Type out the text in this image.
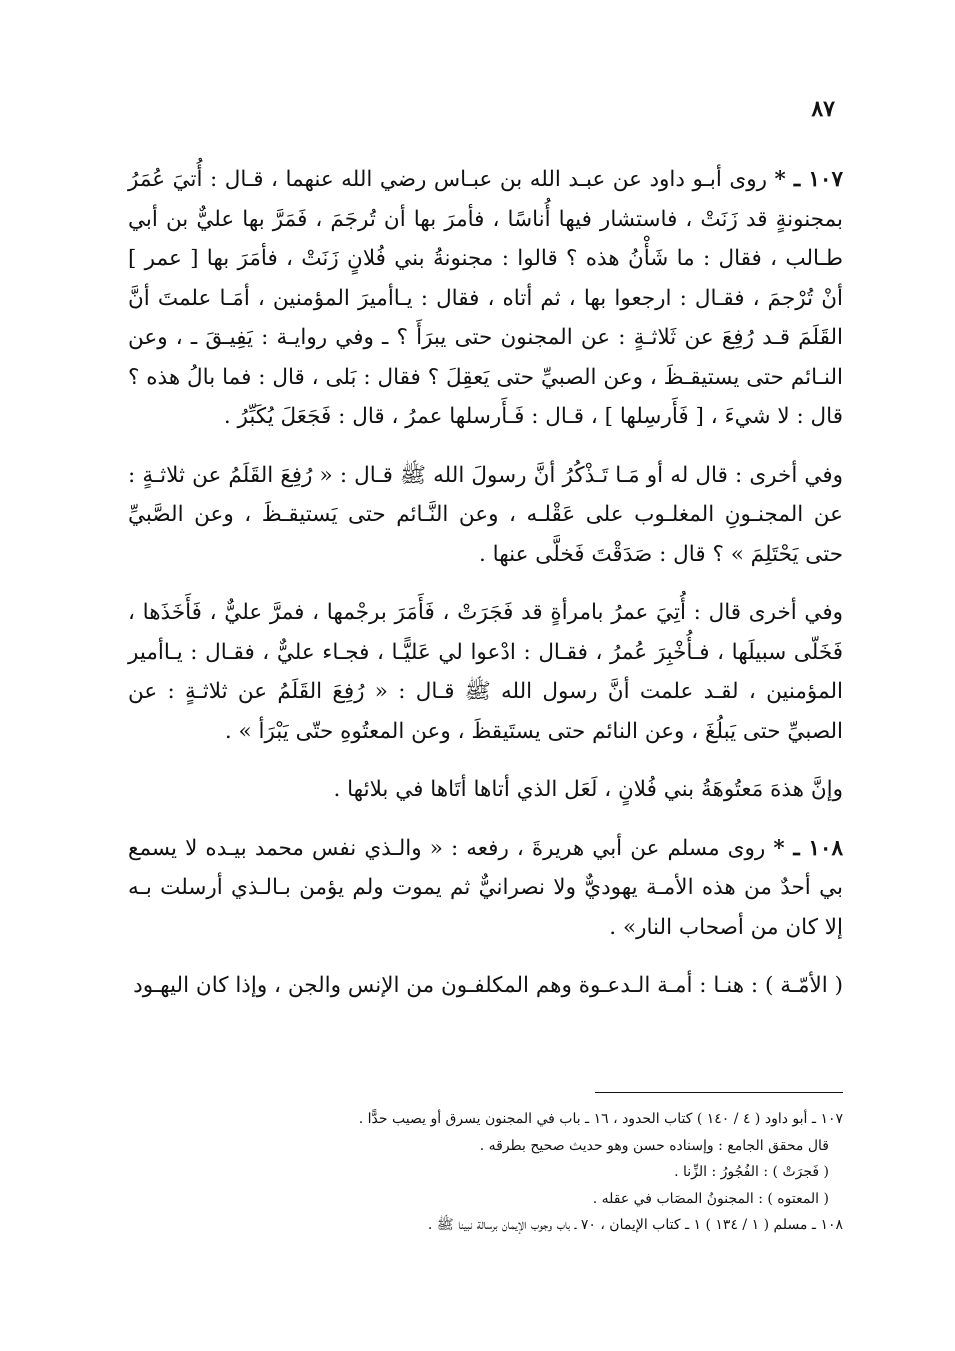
٨٧

١٠٧ ـ * روى أبـو داود عن عبـد الله بن عبـاس رضي الله عنهما ، قـال : أُتيَ عُمَرُ بمجنونةٍ قد زَنَتْ ، فاستشار فيها أُناسًا ، فأمرَ بها أن تُرجَمَ ، فَمَرَّ بها عليٌّ بن أبي طـالب ، فقال : ما شَأْنُ هذه ؟ قالوا : مجنونةُ بني فُلانٍ زَنَتْ ، فأمَرَ بها [ عمر ] أنْ تُرْجمَ ، فقـال : ارجعوا بها ، ثم أتاه ، فقال : يـاأميرَ المؤمنين ، أمَـا علمتَ أنَّ القَلَمَ قـد رُفِعَ عن ثَلاثـةٍ : عن المجنون حتى يبرَأَ ؟ ـ وفي روايـة : يَفِيـقَ ـ ، وعن النـائم حتى يستيقـظَ ، وعن الصبيِّ حتى يَعقِلَ ؟ فقال : بَلى ، قال : فما بالُ هذه ؟ قال : لا شيءَ ، [ فَأَرسِلها ] ، قـال : فَـأَرسلها عمرُ ، قال : فَجَعَلَ يُكَبِّرُ .

وفي أخرى : قال له أو مَـا تَـذْكُرُ أنَّ رسولَ الله ﷺ قـال : « رُفِعَ القَلَمُ عن ثلاثـةٍ : عن المجنـونِ المغلـوب على عَقْلـه ، وعن النَّـائم حتى يَستيقـظَ ، وعن الصَّبيِّ حتى يَحْتَلِمَ » ؟ قال : صَدَقْتَ فَخلَّى عنها .

وفي أخرى قال : أُتِيَ عمرُ بامرأةٍ قد فَجَرَتْ ، فَأَمَرَ برجْمها ، فمرَّ عليٌّ ، فَأَخَذَها ، فَخَلّى سبيلَها ، فـأُخْبِرَ عُمرُ ، فقـال : ادْعوا لي عَليًّـا ، فجـاء عليٌّ ، فقـال : يـاأمير المؤمنين ، لقـد علمت أنَّ رسول الله ﷺ قـال : « رُفِعَ القَلَمُ عن ثلاثـةٍ : عن الصبيِّ حتى يَبلُغَ ، وعن النائم حتى يستَيقظَ ، وعن المعتُوهِ حتّى يَبْرَأ » .

وإنَّ هذهَ مَعتُوهَةُ بني فُلانٍ ، لَعَل الذي أتاها أتَاها في بلائها .

١٠٨ ـ * روى مسلم عن أبي هريرةَ ، رفعه : « والـذي نفس محمد بيـده لا يسمع بي أحدٌ من هذه الأمـة يهوديٌّ ولا نصرانيٌّ ثم يموت ولم يؤمن بـالـذي أرسلت بـه إلا كان من أصحاب النار» .

( الأمّـة ) : هنـا : أمـة الـدعـوة وهم المكلفـون من الإنس والجن ، وإذا كان اليهـود

١٠٧ ـ أبو داود ( ٤ / ١٤٠ ) كتاب الحدود ، ١٦ ـ باب في المجنون يسرق أو يصيب حدًّا .

قال محقق الجامع : وإسناده حسن وهو حديث صحيح بطرقه .

( فَجرَتْ ) : الفُجُورُ : الزِّنا .

( المعتوه ) : المجنونُ المصَاب في عقله .

١٠٨ ـ مسلم ( ١ / ١٣٤ ) ١ ـ كتاب الإيمان ، ٧٠ ـ باب وجوب الإيمان برسالة نبينا ﷺ .
